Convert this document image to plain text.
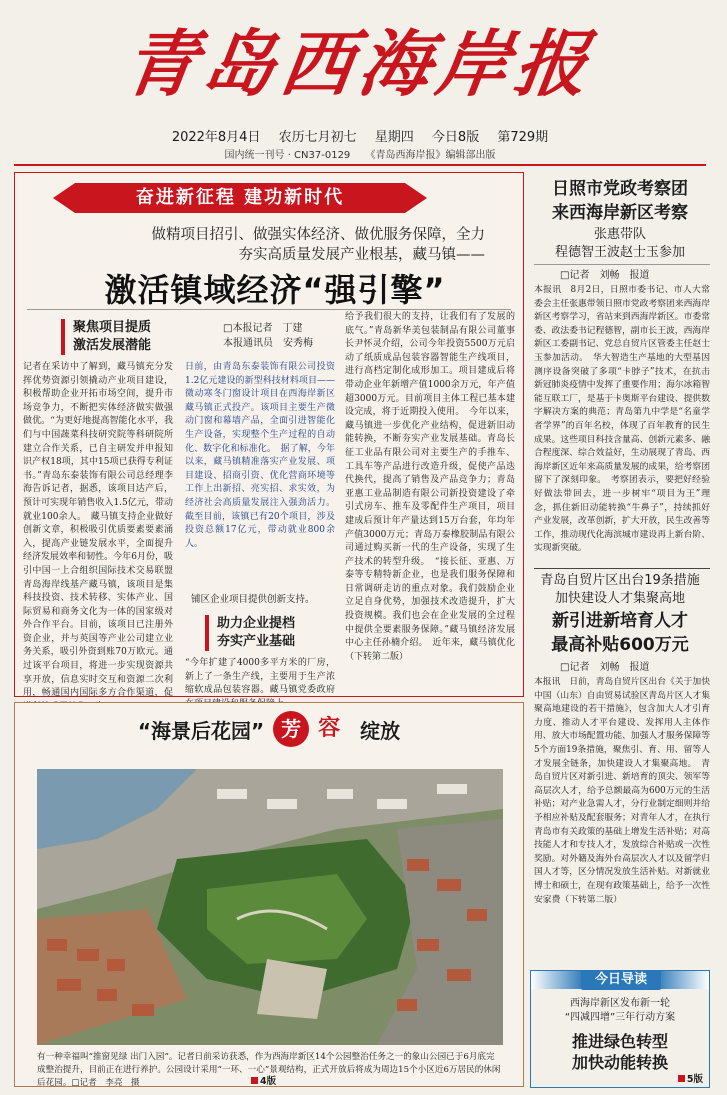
青岛西海岸报
2022年8月4日 农历七月初七 星期四 今日8版 第729期
国内统一刊号 · CN37-0129 《青岛西海岸报》编辑部出版
奋进新征程 建功新时代
做精项目招引、做强实体经济、做优服务保障，全力
夯实高质量发展产业根基，藏马镇——
激活镇域经济“强引擎”
聚焦项目提质
激活发展潜能
□本报记者　丁建
本报通讯员　安秀梅
记者在采访中了解到，藏马镇充分发挥优势资源引领撬动产业项目建设，积极帮助企业开拓市场空间，提升市场竞争力，不断把实体经济做实做强做优。“为更好地提高智能化水平，我们与中国蔬菜科技研究院等科研院所建立合作关系，已自主研发并申报知识产权18项，其中15项已获得专利证书。”青岛东泰装饰有限公司总经理李海告诉记者，据悉，该项目达产后，预计可实现年销售收入1.5亿元，带动就业100余人。　藏马镇支持企业做好创新文章，积极吸引优质要素要素涌入，提高产业链发展水平，全面提升经济发展效率和韧性。今年6月份，吸引中国一上合组织国际技术交易联盟青岛海岸线基产藏马镇，该项目是集科技投资、技术转移、实体产业、国际贸易和商务文化为一体的国家级对外合作平台。目前，该项目已注册外资企业，并与英国等产业公司建立业务关系，吸引外资到账70万欧元。通过该平台项目，将进一步实现资源共享开放，信息实时交互和资源二次利用，畅通国内国际多方合作渠道，促
日前，由青岛东泰装饰有限公司投资1.2亿元建设的新型科技材料项目——微动寒冬门窗设计项目在西海岸新区藏马镇正式投产。该项目主要生产微动门窗和幕墙产品，全面引进智能化生产设备，实现整个生产过程的自动化、数字化和标准化。　据了解，今年以来，藏马镇精准落实产业发展、项目建设、招商引资、优化营商环境等工作上出新招、亮实招、求实效，为经济社会高质量发展注入强劲活力。截至目前，该镇已有20个项目，涉及投资总额17亿元，带动就业800余人。
铺区企业项目提供创新支持。
助力企业提档
夯实产业基础
“今年扩建了4000多平方米的厂房，新上了一条生产线，主要用于生产浓缩软成品包装容器。藏马镇党委政府
给予我们很大的支持，让我们有了发展的底气。”青岛新华美包装制品有限公司董事长尹怀灵介绍，公司今年投资5500万元启动了纸质成品包装容器智能生产线项目，进行高档定制化成形加工。项目建成后将带动企业年新增产值1000余万元，年产值超3000万元。目前项目主体工程已基本建设完成，将于近期投入使用。　今年以来，藏马镇进一步优化产业结构，促进新旧动能转换，不断夯实产业发展基础。青岛长征工业品有限公司对主要生产的手推车、工具车等产品进行改造升级，促使产品迭代换代，提高了销售及产品竞争力；青岛亚惠工业品制造有限公司新投资建设了牵引式房车、推车及零配件生产项目，项目建成后预计年产量达到15万台套，年均年产值3000万元；青岛万泰橡胶制品有限公司通过购买新一代的生产设备，实现了生产技术的转型升级。　“接长征、亚惠、万泰等专精特新企业，也是我们服务保障和日常调研走访的重点对象。我们鼓励企业立足自身优势，加强技术改造提升，扩大投资规模。我们也会在企业发展的全过程中提供全要素服务保障。”藏马镇经济发展中心主任孙楠介绍。　近年来，藏马镇优化（下转第二版）
“海景后花园” 芳 容 绽放
有一种幸福叫“推窗见绿 出门入园”。记者日前采访获悉，作为西海岸新区14个公园整治任务之一的象山公园已于6月底完成整治提升，目前正在进行养护。公园设计采用“一环、一心”景观结构，正式开放后将成为周边15个小区近6万居民的休闲后花园。□记者　李亮　摄	4版
日照市党政考察团
来西海岸新区考察
张惠带队
程德智王波赵士玉参加
□记者　刘畅　报道
本报讯　8月2日，日照市委书记、市人大常委会主任张惠带领日照市党政考察团来西海岸新区考察学习，省站来到西海岸新区。市委常委、政法委书记程德智，副市长王波，西海岸新区工委副书记、党总自贸片区管委主任赵士玉参加活动。　华大智造生产基地的大型基因测序设备突破了多项“卡脖子”技术，在抗击新冠肺炎疫情中发挥了重要作用；海尔冰箱智能互联工厂，是基于卡奥斯平台建设、提供数字解决方案的典范；青岛第九中学是“名童学者学界”的百年名校，体现了百年教育的民生成果。这些项目科技含量高、创新元素多、融合程度深、综合效益好，生动展现了青岛、西海岸新区近年来高质量发展的成果，给考察团留下了深刻印象。　考察团表示，要把好经验好做法带回去，进一步树牢“项目为王”理念，抓住新旧动能转换“牛鼻子”，持续抓好产业发展，改革创新，扩大开放，民生改善等工作，推动现代化海滨城市建设再上新台阶、实现新突破。
青岛自贸片区出台19条措施
加快建设人才集聚高地
新引进新培育人才
最高补贴600万元
□记者　刘畅　报道
本报讯　日前，青岛自贸片区出台《关于加快中国（山东）自由贸易试验区青岛片区人才集聚高地建设的若干措施》，包含加大人才引育力度、推动人才平台建设、发挥用人主体作用、放大市场配置功能、加强人才服务保障等5个方面19条措施，聚焦引、育、用、留等人才发展全链条，加快建设人才集聚高地。　青岛自贸片区对新引进、新培育的顶尖、领军等高层次人才，给予总额最高为600万元的生活补贴；对产业急需人才，分行业制定细则并给予相应补贴及配套服务；对青年人才，在执行青岛市有关政策的基础上增发生活补贴；对高技能人才和专技人才，发放综合补贴或一次性奖励。对外籍及海外台高层次人才以及留学归国人才等，区分情况发放生活补贴。对新就业博士和硕士，在现有政策基础上，给予一次性安家费（下转第二版）
今日导读
西海岸新区发布新一轮
“四减四增”三年行动方案
推进绿色转型
加快动能转换
5版
